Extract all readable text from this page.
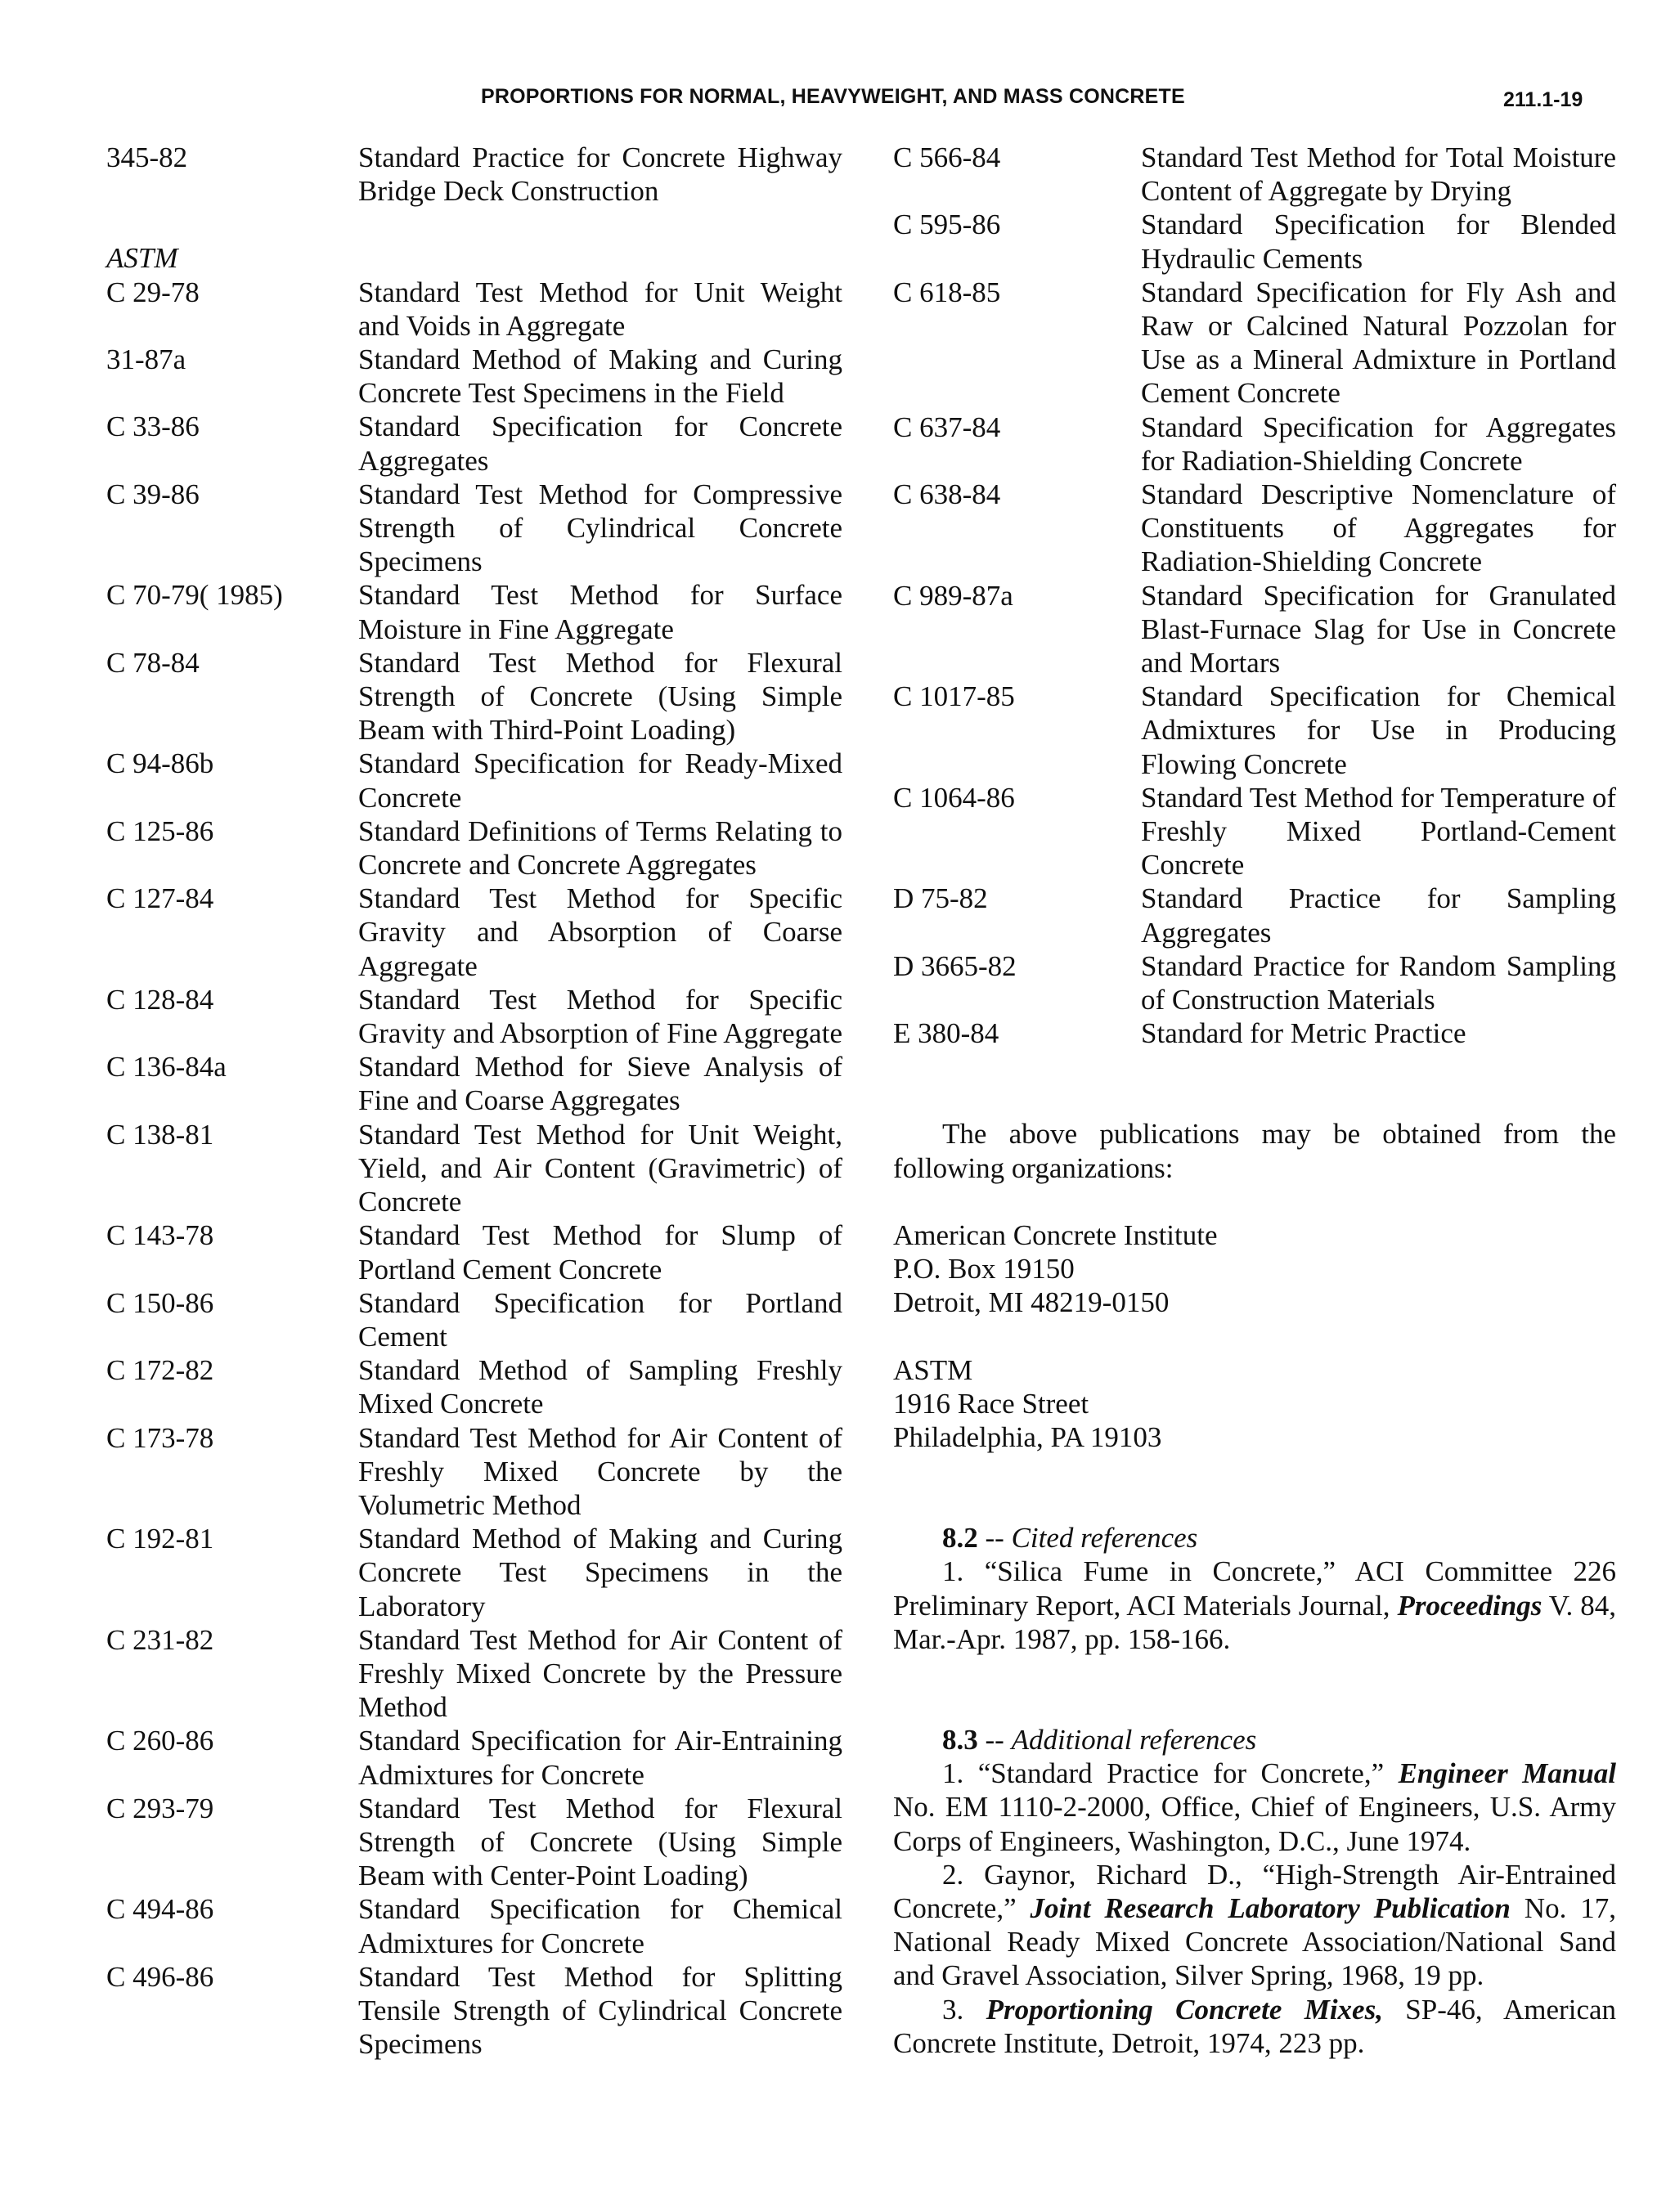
PROPORTIONS FOR NORMAL, HEAVYWEIGHT, AND MASS CONCRETE	211.1-19
345-82	Standard Practice for Concrete Highway Bridge Deck Construction
ASTM
C 29-78	Standard Test Method for Unit Weight and Voids in Aggregate
31-87a	Standard Method of Making and Curing Concrete Test Specimens in the Field
C 33-86	Standard Specification for Concrete Aggregates
C 39-86	Standard Test Method for Compressive Strength of Cylindrical Concrete Specimens
C 70-79( 1985)	Standard Test Method for Surface Moisture in Fine Aggregate
C 78-84	Standard Test Method for Flexural Strength of Concrete (Using Simple Beam with Third-Point Loading)
C 94-86b	Standard Specification for Ready-Mixed Concrete
C 125-86	Standard Definitions of Terms Relating to Concrete and Concrete Aggregates
C 127-84	Standard Test Method for Specific Gravity and Absorption of Coarse Aggregate
C 128-84	Standard Test Method for Specific Gravity and Absorption of Fine Aggregate
C 136-84a	Standard Method for Sieve Analysis of Fine and Coarse Aggregates
C 138-81	Standard Test Method for Unit Weight, Yield, and Air Content (Gravimetric) of Concrete
C 143-78	Standard Test Method for Slump of Portland Cement Concrete
C 150-86	Standard Specification for Portland Cement
C 172-82	Standard Method of Sampling Freshly Mixed Concrete
C 173-78	Standard Test Method for Air Content of Freshly Mixed Concrete by the Volumetric Method
C 192-81	Standard Method of Making and Curing Concrete Test Specimens in the Laboratory
C 231-82	Standard Test Method for Air Content of Freshly Mixed Concrete by the Pressure Method
C 260-86	Standard Specification for Air-Entraining Admixtures for Concrete
C 293-79	Standard Test Method for Flexural Strength of Concrete (Using Simple Beam with Center-Point Loading)
C 494-86	Standard Specification for Chemical Admixtures for Concrete
C 496-86	Standard Test Method for Splitting Tensile Strength of Cylindrical Concrete Specimens
C 566-84	Standard Test Method for Total Moisture Content of Aggregate by Drying
C 595-86	Standard Specification for Blended Hydraulic Cements
C 618-85	Standard Specification for Fly Ash and Raw or Calcined Natural Pozzolan for Use as a Mineral Admixture in Portland Cement Concrete
C 637-84	Standard Specification for Aggregates for Radiation-Shielding Concrete
C 638-84	Standard Descriptive Nomenclature of Constituents of Aggregates for Radiation-Shielding Concrete
C 989-87a	Standard Specification for Granulated Blast-Furnace Slag for Use in Concrete and Mortars
C 1017-85	Standard Specification for Chemical Admixtures for Use in Producing Flowing Concrete
C 1064-86	Standard Test Method for Temperature of Freshly Mixed Portland-Cement Concrete
D 75-82	Standard Practice for Sampling Aggregates
D 3665-82	Standard Practice for Random Sampling of Construction Materials
E 380-84	Standard for Metric Practice

The above publications may be obtained from the following organizations:

American Concrete Institute

P.O. Box 19150

Detroit, MI 48219-0150

ASTM

1916 Race Street

Philadelphia, PA 19103

8.2 -- Cited references

1. “Silica Fume in Concrete,” ACI Committee 226 Preliminary Report, ACI Materials Journal, Proceedings V. 84, Mar.-Apr. 1987, pp. 158-166.

8.3 -- Additional references

1. “Standard Practice for Concrete,” Engineer Manual No. EM 1110-2-2000, Office, Chief of Engineers, U.S. Army Corps of Engineers, Washington, D.C., June 1974.

2. Gaynor, Richard D., “High-Strength Air-Entrained Concrete,” Joint Research Laboratory Publication No. 17, National Ready Mixed Concrete Association/National Sand and Gravel Association, Silver Spring, 1968, 19 pp.

3. Proportioning Concrete Mixes, SP-46, American Concrete Institute, Detroit, 1974, 223 pp.
